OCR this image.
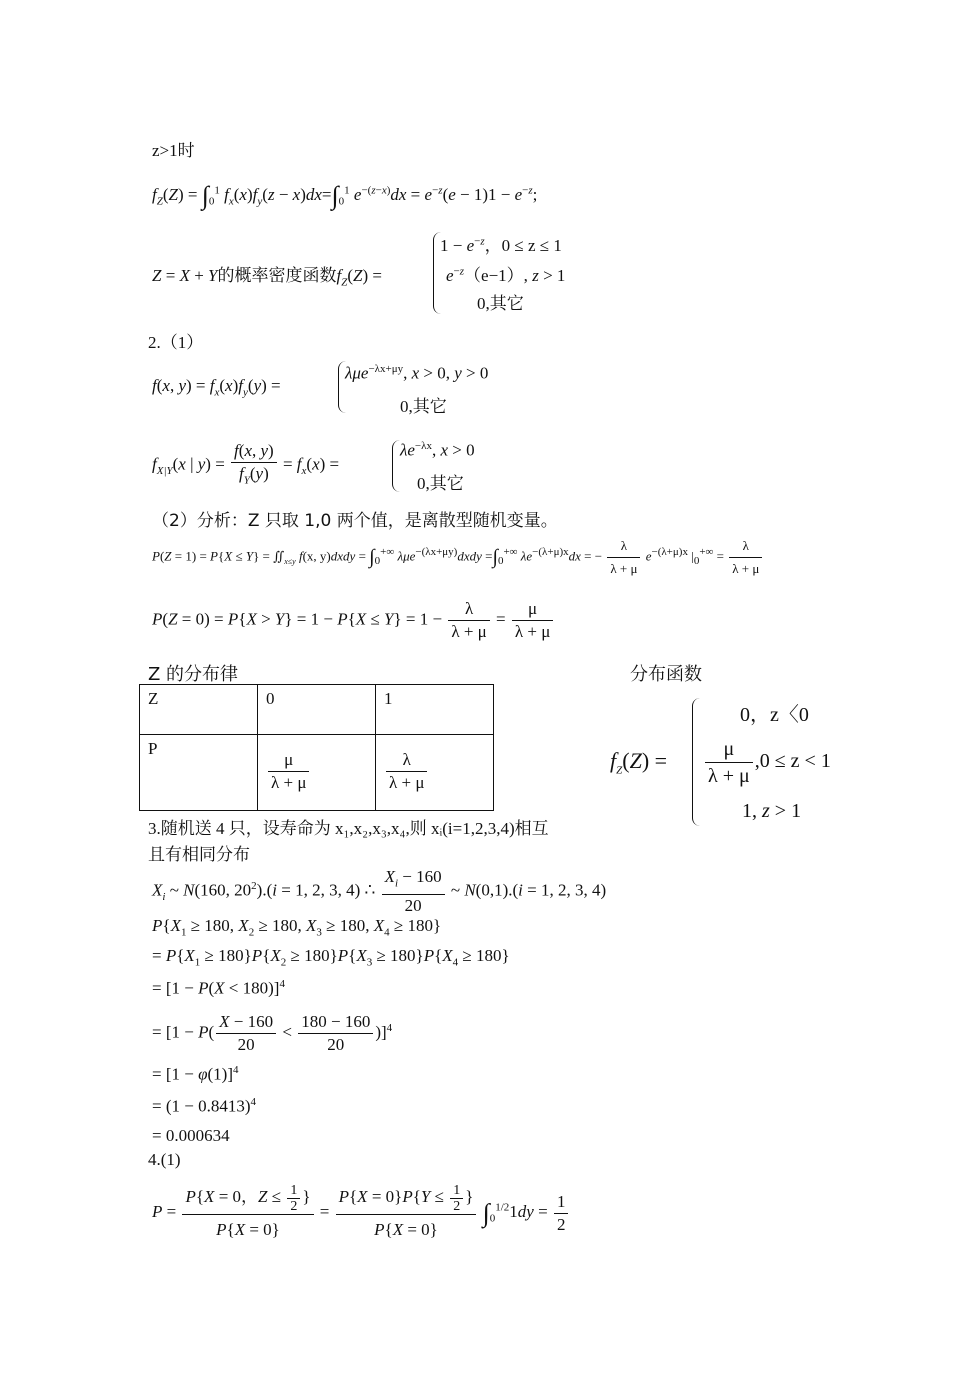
z>1时
$f_Z(Z) = \int_0^1$ $f_x(x)f_y(z - x)dx=\int_0^1$ $e^{-(z-x)}dx = e^{-z}(e - 1)1 - e^{-z}$;
Z = X + Y的概率密度函数$f_Z(Z)$ =
$1 - e^{-z}$，0 ≤ z ≤ 1
$e^{-z}(e-1)$, z > 1
0,其它
2.（1）
f(x, $y) = f_x(x)f_y(y)$ =
λμe$^{-\lambda x+\mu y}$, x > 0, y > 0
0,其它
$f_{X|Y}(x$ | $y) = \frac{f(x, y)}{f_Y(y)} = f_x(x)$ =
$\lambda e^{-\lambda x}$, x > 0
0,其它
（2）分析：Z 只取 1,0 两个值，是离散型随机变量。
$P(Z = 1) = P\{X \le Y\} = ∬_{x\le y}$ f(x, y)dxdy = $\int_0^{+\infty}$ λμe$^{-(\lambda x+\mu y)}$dxdy $=\int_0^{+\infty}$ $\lambda e^{-(\lambda+\mu)x}dx$ = − $\frac{\lambda}{\lambda + \mu} e^{-(\lambda+\mu)x}$ $|_0^{+\infty} = \frac{\lambda}{\lambda + \mu}$
$P(Z = 0) = P\{X > Y\} = 1 - P\{X \le Y\} = 1 - \frac{\lambda}{\lambda + \mu} = \frac{\mu}{\lambda + \mu}$
Z 的分布律	分布函数
Z	0	1
P	$\frac{\mu}{\lambda + \mu}$	$\frac{\lambda}{\lambda + \mu}$	$f_Z(Z)$ =
0，z〈0
$\frac{\mu}{\lambda + \mu} ,0 \le z < 1$
1, z > 1
3.随机送 4 只，设寿命为 x₁,x₂,x₃,x₄,则 xᵢ(i=1,2,3,4)相互
且有相同分布
$X_i$ ~ N(160, $20^2).(i = 1$, 2, 3, 4) ∴ $\frac{X_i - 160}{20}$ ~ N(0,1).(i = 1, 2, 3, 4)
$P\{X_1 \ge 180$, $X_2 \ge 180$, $X_3 \ge 180$, $X_4 \ge 180$}
= $P\{X_1 \ge 180\}P\{X_2 \ge 180\}P\{X_3 \ge 180\}P\{X_4 \ge 180\}$
= [1 − P(X < 180)]$^4$
= $[1 - P( \frac{X - 160}{20} < \frac{180 - 160}{20} )]^4$
= $[1 - \varphi(1)]^4$
= $(1 - 0.8413)^4$
= 0.000634
4.(1)
$P = \frac{P\{X = 0,Z \le \frac{1}{2} \}}{P\{X = 0\}} = \frac{P\{X = 0\}P\{Y \le \frac{1}{2} \}}{P\{X = 0\}} \int_0^{1/2}1dy = \frac{1}{2}$
